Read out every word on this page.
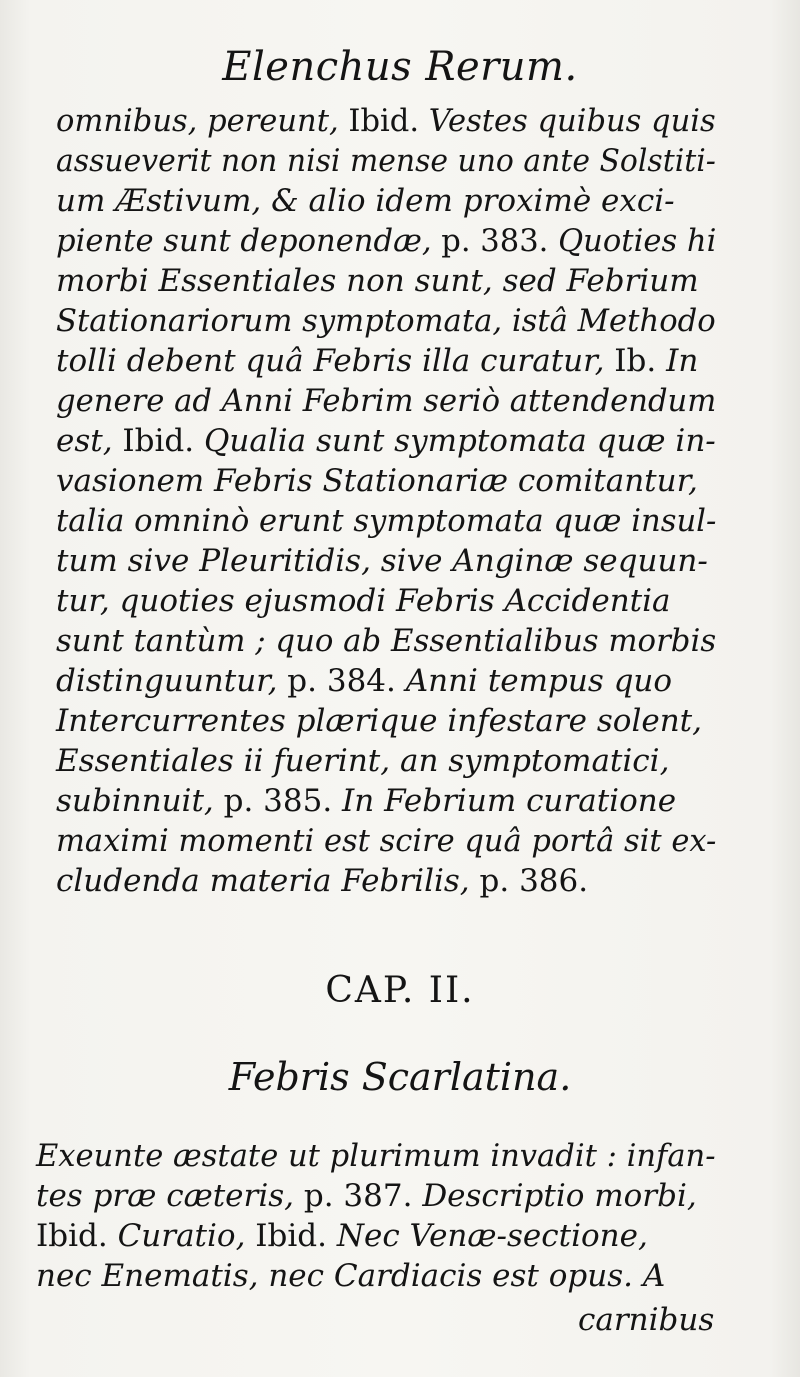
Elenchus Rerum.
omnibus, pereunt, Ibid. Vestes quibus quis
assueverit non nisi mense uno ante Solstiti-
um Æstivum, & alio idem proximè exci-
piente sunt deponendæ, p. 383. Quoties hi
morbi Essentiales non sunt, sed Febrium
Stationariorum symptomata, istâ Methodo
tolli debent quâ Febris illa curatur, Ib. In
genere ad Anni Febrim seriò attendendum
est, Ibid. Qualia sunt symptomata quæ in-
vasionem Febris Stationariæ comitantur,
talia omninò erunt symptomata quæ insul-
tum sive Pleuritidis, sive Anginæ sequun-
tur, quoties ejusmodi Febris Accidentia
sunt tantùm ; quo ab Essentialibus morbis
distinguuntur, p. 384. Anni tempus quo
Intercurrentes plærique infestare solent,
Essentiales ii fuerint, an symptomatici,
subinnuit, p. 385. In Febrium curatione
maximi momenti est scire quâ portâ sit ex-
cludenda materia Febrilis, p. 386.
CAP. II.
Febris Scarlatina.
Exeunte æstate ut plurimum invadit : infan-
tes præ cæteris, p. 387. Descriptio morbi,
Ibid. Curatio, Ibid. Nec Venæ-sectione,
nec Enematis, nec Cardiacis est opus. A
carnibus
